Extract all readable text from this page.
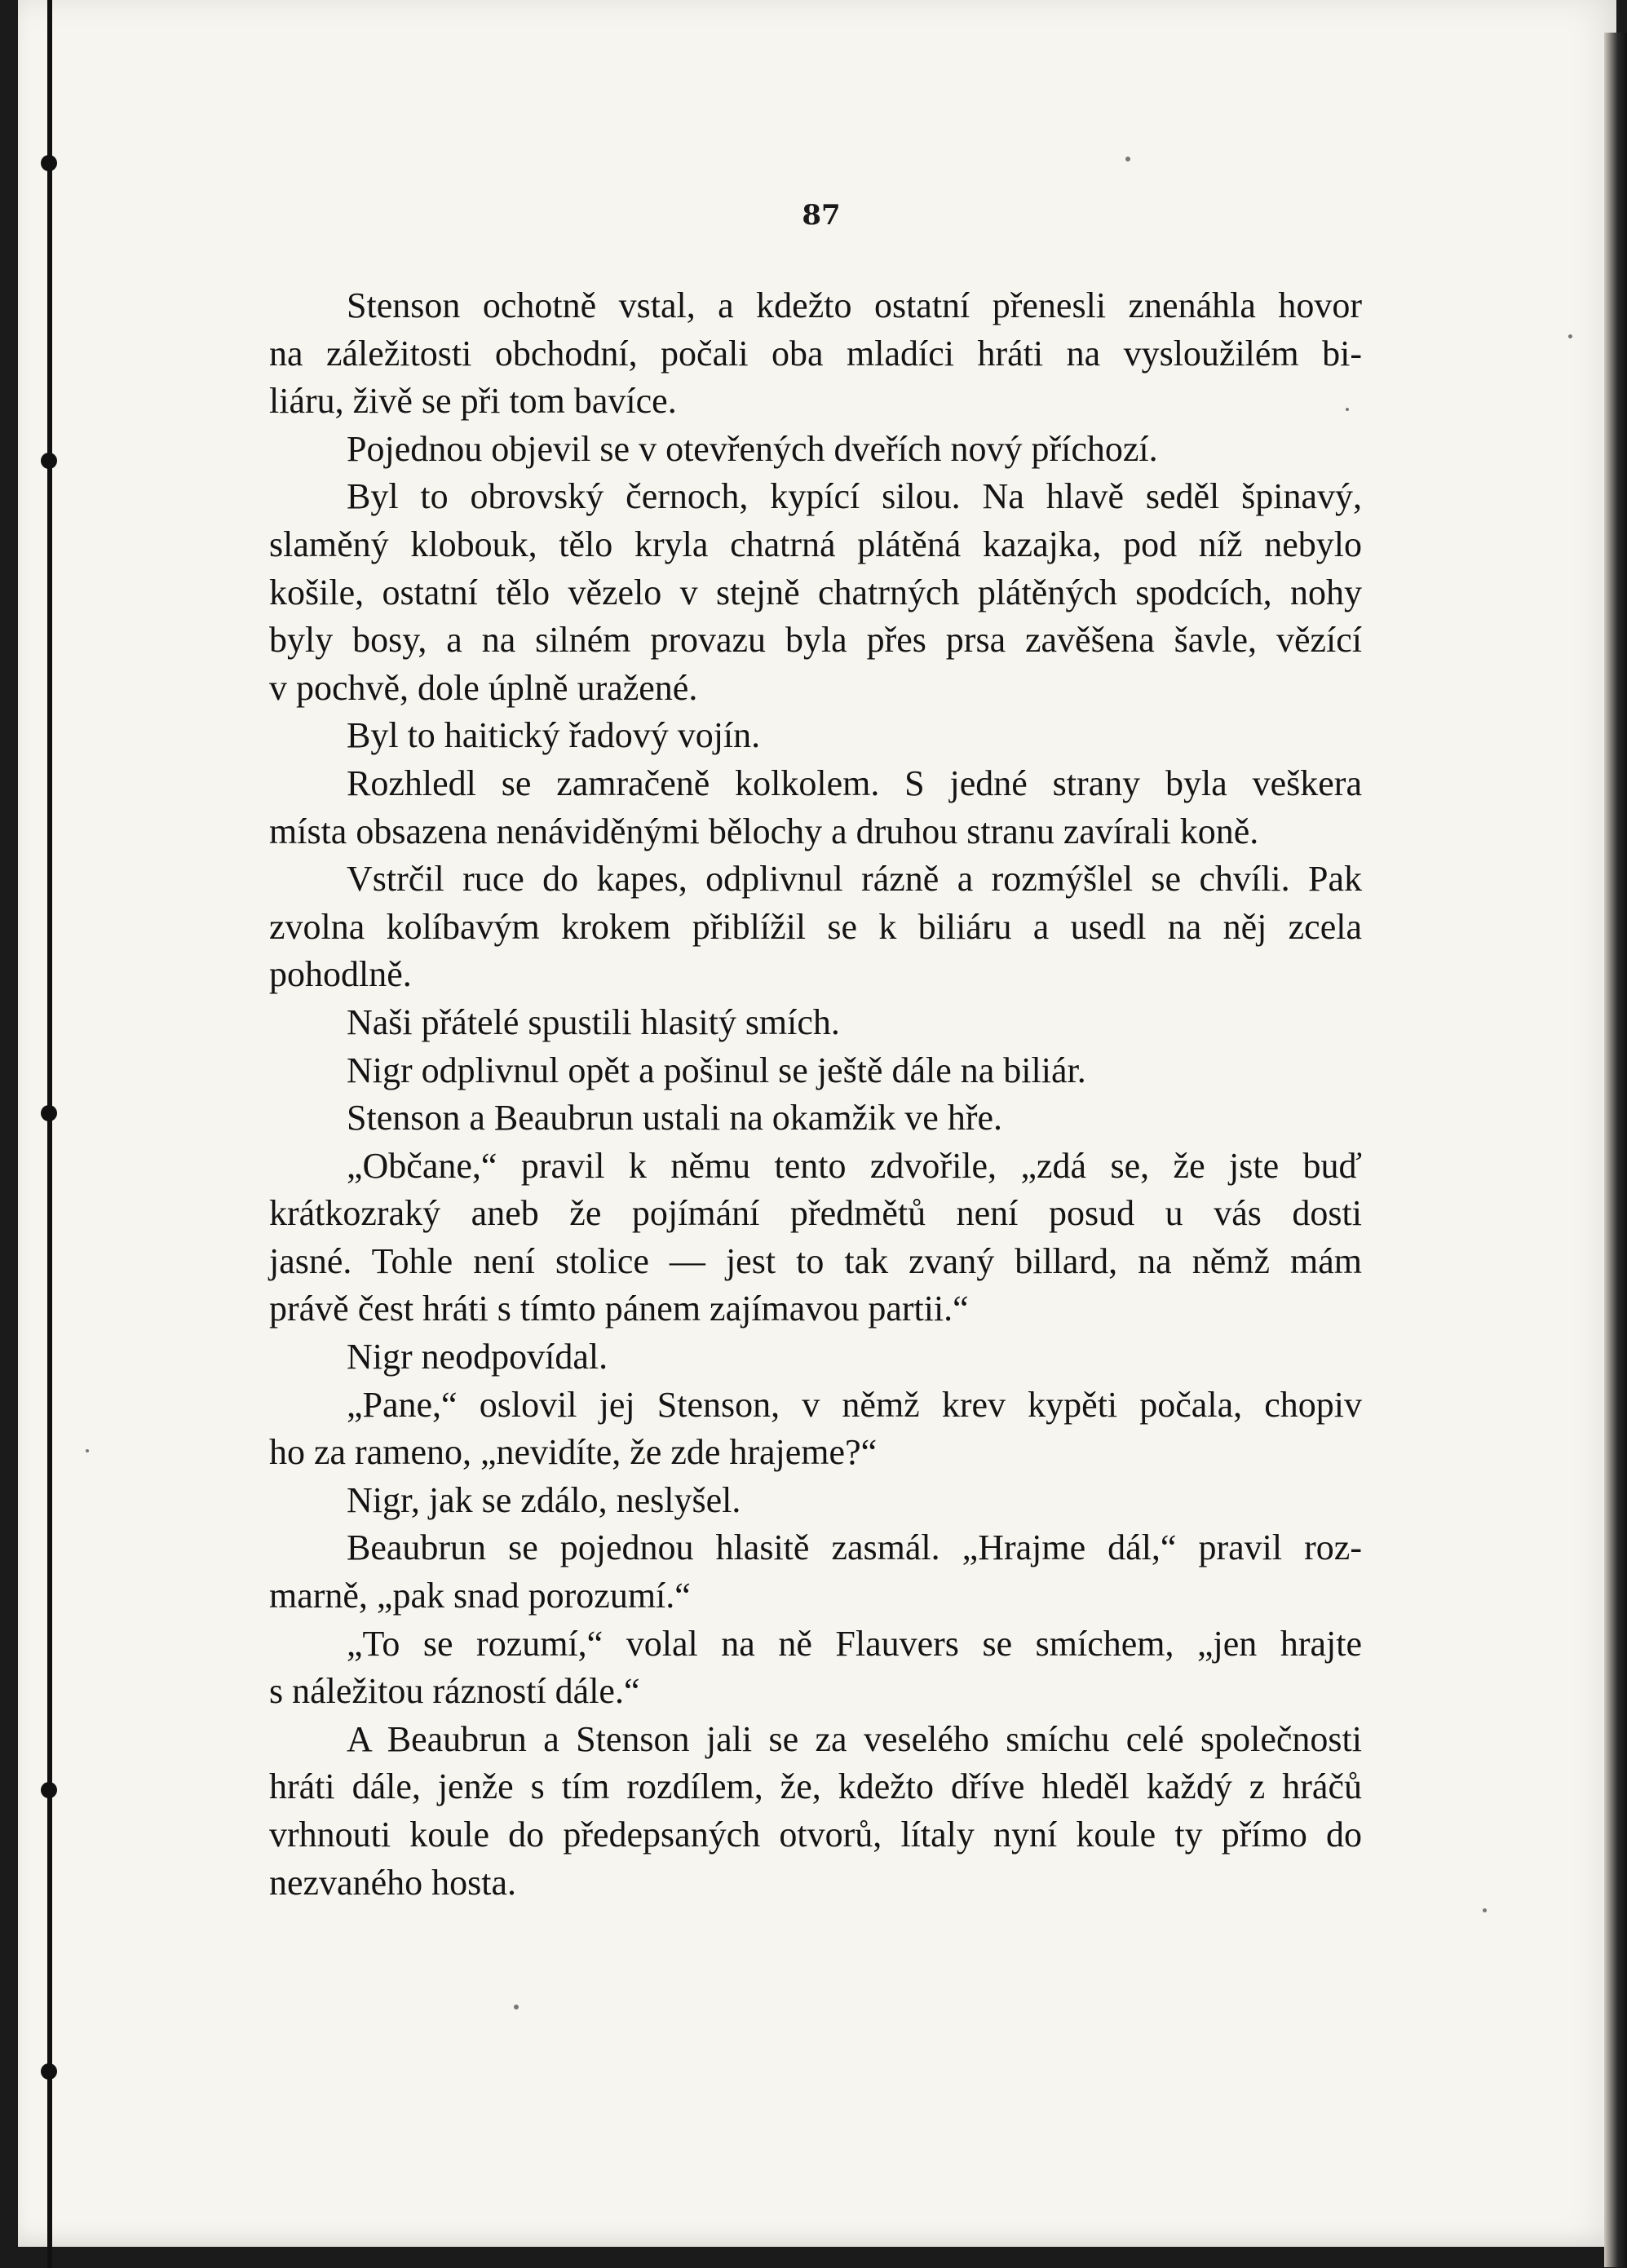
87
Stenson ochotně vstal, a kdežto ostatní přenesli znenáhla hovor
na záležitosti obchodní, počali oba mladíci hráti na vysloužilém bi-
liáru, živě se při tom bavíce.
Pojednou objevil se v otevřených dveřích nový příchozí.
Byl to obrovský černoch, kypící silou. Na hlavě seděl špinavý,
slaměný klobouk, tělo kryla chatrná plátěná kazajka, pod níž nebylo
košile, ostatní tělo vězelo v stejně chatrných plátěných spodcích, nohy
byly bosy, a na silném provazu byla přes prsa zavěšena šavle, vězící
v pochvě, dole úplně uražené.
Byl to haitický řadový vojín.
Rozhledl se zamračeně kolkolem. S jedné strany byla veškera
místa obsazena nenáviděnými bělochy a druhou stranu zavírali koně.
Vstrčil ruce do kapes, odplivnul rázně a rozmýšlel se chvíli. Pak
zvolna kolíbavým krokem přiblížil se k biliáru a usedl na něj zcela
pohodlně.
Naši přátelé spustili hlasitý smích.
Nigr odplivnul opět a pošinul se ještě dále na biliár.
Stenson a Beaubrun ustali na okamžik ve hře.
„Občane,“ pravil k němu tento zdvořile, „zdá se, že jste buď
krátkozraký aneb že pojímání předmětů není posud u vás dosti
jasné. Tohle není stolice — jest to tak zvaný billard, na němž mám
právě čest hráti s tímto pánem zajímavou partii.“
Nigr neodpovídal.
„Pane,“ oslovil jej Stenson, v němž krev kypěti počala, chopiv
ho za rameno, „nevidíte, že zde hrajeme?“
Nigr, jak se zdálo, neslyšel.
Beaubrun se pojednou hlasitě zasmál. „Hrajme dál,“ pravil roz-
marně, „pak snad porozumí.“
„To se rozumí,“ volal na ně Flauvers se smíchem, „jen hrajte
s náležitou rázností dále.“
A Beaubrun a Stenson jali se za veselého smíchu celé společnosti
hráti dále, jenže s tím rozdílem, že, kdežto dříve hleděl každý z hráčů
vrhnouti koule do předepsaných otvorů, lítaly nyní koule ty přímo do
nezvaného hosta.
